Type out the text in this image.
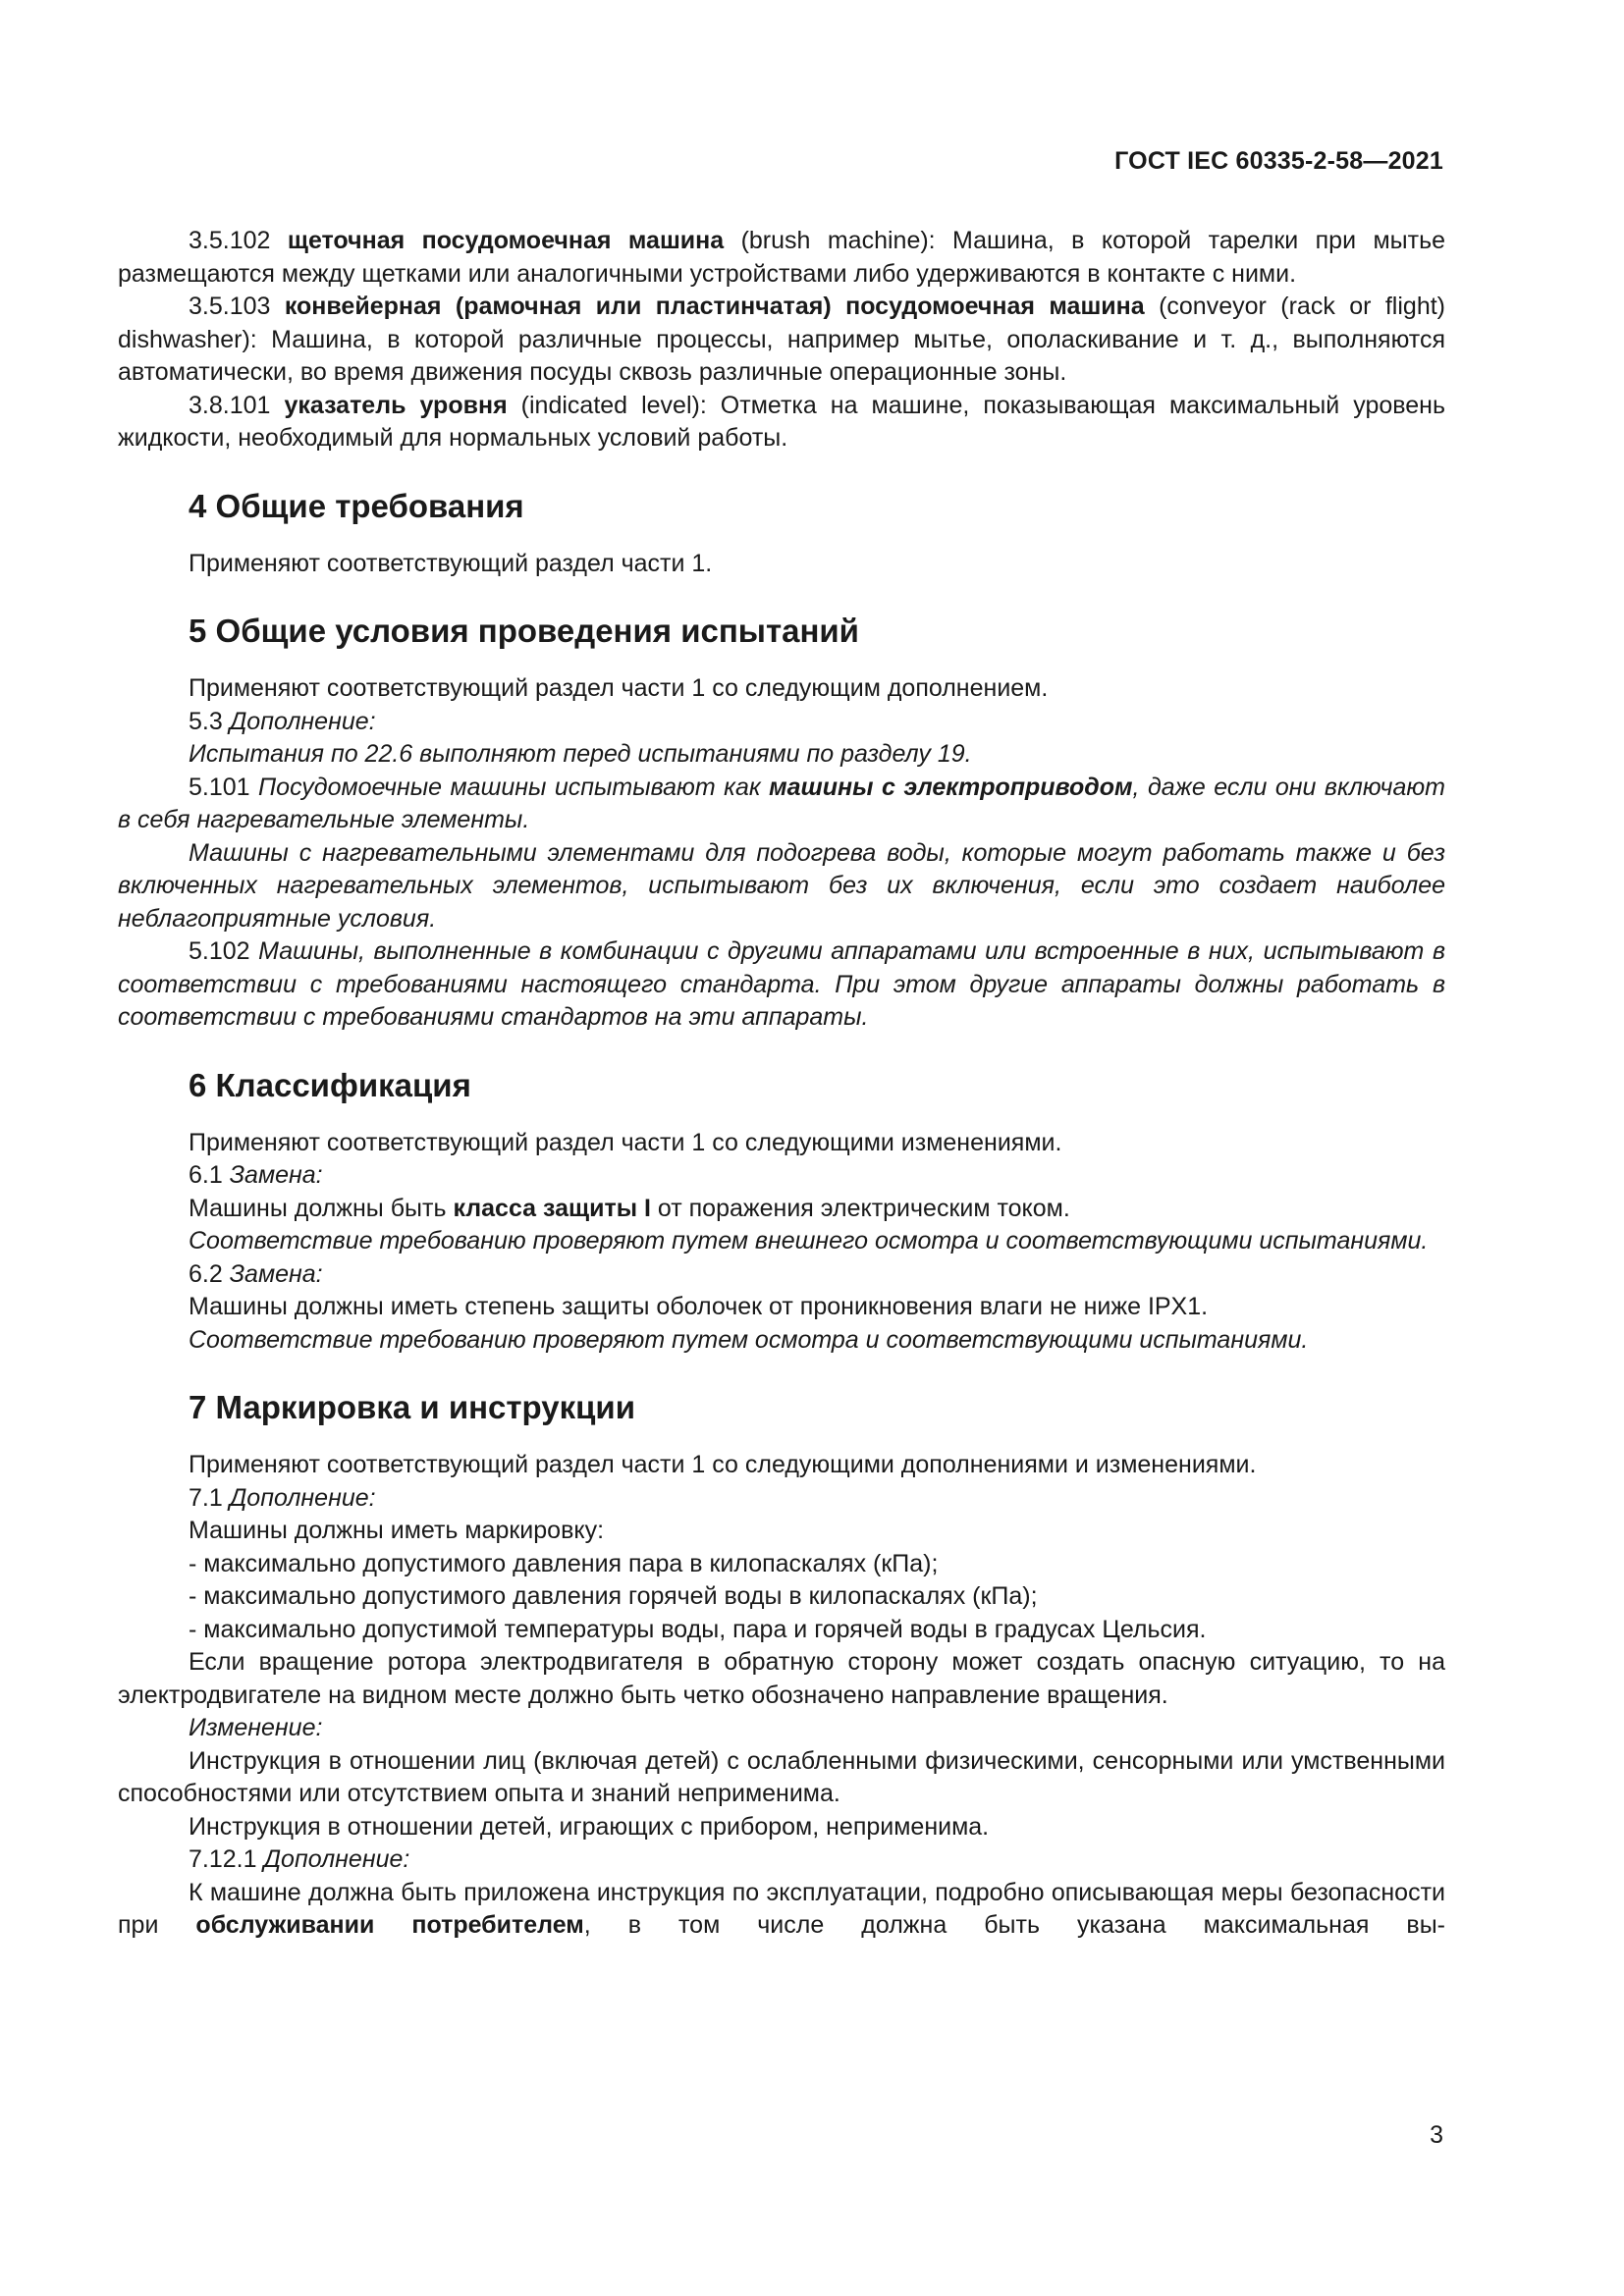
ГОСТ IEC 60335-2-58—2021

3.5.102 щеточная посудомоечная машина (brush machine): Машина, в которой тарелки при мытье размещаются между щетками или аналогичными устройствами либо удерживаются в контакте с ними.

3.5.103 конвейерная (рамочная или пластинчатая) посудомоечная машина (conveyor (rack or flight) dishwasher): Машина, в которой различные процессы, например мытье, ополаскивание и т. д., выполняются автоматически, во время движения посуды сквозь различные операционные зоны.

3.8.101 указатель уровня (indicated level): Отметка на машине, показывающая максимальный уровень жидкости, необходимый для нормальных условий работы.

4 Общие требования

Применяют соответствующий раздел части 1.

5 Общие условия проведения испытаний

Применяют соответствующий раздел части 1 со следующим дополнением.

5.3 Дополнение:

Испытания по 22.6 выполняют перед испытаниями по разделу 19.

5.101 Посудомоечные машины испытывают как машины с электроприводом, даже если они включают в себя нагревательные элементы.

Машины с нагревательными элементами для подогрева воды, которые могут работать также и без включенных нагревательных элементов, испытывают без их включения, если это создает наиболее неблагоприятные условия.

5.102 Машины, выполненные в комбинации с другими аппаратами или встроенные в них, испытывают в соответствии с требованиями настоящего стандарта. При этом другие аппараты должны работать в соответствии с требованиями стандартов на эти аппараты.

6 Классификация

Применяют соответствующий раздел части 1 со следующими изменениями.

6.1 Замена:

Машины должны быть класса защиты I от поражения электрическим током.

Соответствие требованию проверяют путем внешнего осмотра и соответствующими испытаниями.

6.2 Замена:

Машины должны иметь степень защиты оболочек от проникновения влаги не ниже IPX1.

Соответствие требованию проверяют путем осмотра и соответствующими испытаниями.

7 Маркировка и инструкции

Применяют соответствующий раздел части 1 со следующими дополнениями и изменениями.

7.1 Дополнение:

Машины должны иметь маркировку:

- максимально допустимого давления пара в килопаскалях (кПа);

- максимально допустимого давления горячей воды в килопаскалях (кПа);

- максимально допустимой температуры воды, пара и горячей воды в градусах Цельсия.

Если вращение ротора электродвигателя в обратную сторону может создать опасную ситуацию, то на электродвигателе на видном месте должно быть четко обозначено направление вращения.

Изменение:

Инструкция в отношении лиц (включая детей) с ослабленными физическими, сенсорными или умственными способностями или отсутствием опыта и знаний неприменима.

Инструкция в отношении детей, играющих с прибором, неприменима.

7.12.1 Дополнение:

К машине должна быть приложена инструкция по эксплуатации, подробно описывающая меры безопасности при обслуживании потребителем, в том числе должна быть указана максимальная вы-

3
